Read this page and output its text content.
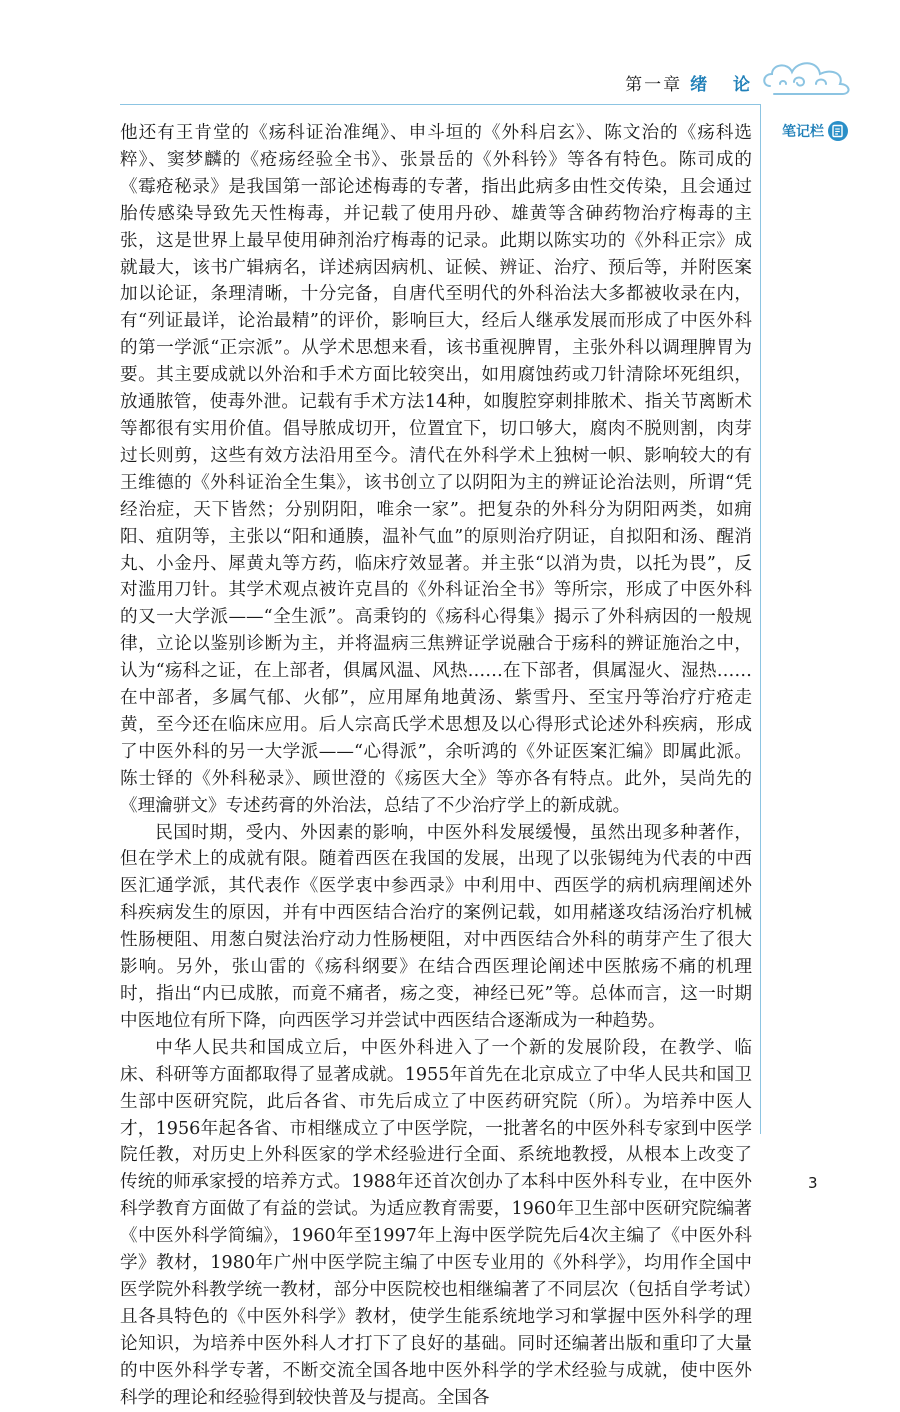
第一章 绪 论
笔记栏

他还有王肯堂的《疡科证治准绳》、申斗垣的《外科启玄》、陈文治的《疡科选粹》、窦梦麟的《疮疡经验全书》、张景岳的《外科钤》等各有特色。陈司成的《霉疮秘录》是我国第一部论述梅毒的专著，指出此病多由性交传染，且会通过胎传感染导致先天性梅毒，并记载了使用丹砂、雄黄等含砷药物治疗梅毒的主张，这是世界上最早使用砷剂治疗梅毒的记录。此期以陈实功的《外科正宗》成就最大，该书广辑病名，详述病因病机、证候、辨证、治疗、预后等，并附医案加以论证，条理清晰，十分完备，自唐代至明代的外科治法大多都被收录在内，有“列证最详，论治最精”的评价，影响巨大，经后人继承发展而形成了中医外科的第一学派“正宗派”。从学术思想来看，该书重视脾胃，主张外科以调理脾胃为要。其主要成就以外治和手术方面比较突出，如用腐蚀药或刀针清除坏死组织，放通脓管，使毒外泄。记载有手术方法14种，如腹腔穿刺排脓术、指关节离断术等都很有实用价值。倡导脓成切开，位置宜下，切口够大，腐肉不脱则割，肉芽过长则剪，这些有效方法沿用至今。清代在外科学术上独树一帜、影响较大的有王维德的《外科证治全生集》，该书创立了以阴阳为主的辨证论治法则，所谓“凭经治症，天下皆然；分别阴阳，唯余一家”。把复杂的外科分为阴阳两类，如痈阳、疽阴等，主张以“阳和通腠，温补气血”的原则治疗阴证，自拟阳和汤、醒消丸、小金丹、犀黄丸等方药，临床疗效显著。并主张“以消为贵，以托为畏”，反对滥用刀针。其学术观点被许克昌的《外科证治全书》等所宗，形成了中医外科的又一大学派——“全生派”。高秉钧的《疡科心得集》揭示了外科病因的一般规律，立论以鉴别诊断为主，并将温病三焦辨证学说融合于疡科的辨证施治之中，认为“疡科之证，在上部者，俱属风温、风热……在下部者，俱属湿火、湿热……在中部者，多属气郁、火郁”，应用犀角地黄汤、紫雪丹、至宝丹等治疗疔疮走黄，至今还在临床应用。后人宗高氏学术思想及以心得形式论述外科疾病，形成了中医外科的另一大学派——“心得派”，余听鸿的《外证医案汇编》即属此派。陈士铎的《外科秘录》、顾世澄的《疡医大全》等亦各有特点。此外，吴尚先的《理瀹骈文》专述药膏的外治法，总结了不少治疗学上的新成就。

民国时期，受内、外因素的影响，中医外科发展缓慢，虽然出现多种著作，但在学术上的成就有限。随着西医在我国的发展，出现了以张锡纯为代表的中西医汇通学派，其代表作《医学衷中参西录》中利用中、西医学的病机病理阐述外科疾病发生的原因，并有中西医结合治疗的案例记载，如用赭遂攻结汤治疗机械性肠梗阻、用葱白熨法治疗动力性肠梗阻，对中西医结合外科的萌芽产生了很大影响。另外，张山雷的《疡科纲要》在结合西医理论阐述中医脓疡不痛的机理时，指出“内已成脓，而竟不痛者，疡之变，神经已死”等。总体而言，这一时期中医地位有所下降，向西医学习并尝试中西医结合逐渐成为一种趋势。

中华人民共和国成立后，中医外科进入了一个新的发展阶段，在教学、临床、科研等方面都取得了显著成就。1955年首先在北京成立了中华人民共和国卫生部中医研究院，此后各省、市先后成立了中医药研究院（所）。为培养中医人才，1956年起各省、市相继成立了中医学院，一批著名的中医外科专家到中医学院任教，对历史上外科医家的学术经验进行全面、系统地教授，从根本上改变了传统的师承家授的培养方式。1988年还首次创办了本科中医外科专业，在中医外科学教育方面做了有益的尝试。为适应教育需要，1960年卫生部中医研究院编著《中医外科学简编》，1960年至1997年上海中医学院先后4次主编了《中医外科学》教材，1980年广州中医学院主编了中医专业用的《外科学》，均用作全国中医学院外科教学统一教材，部分中医院校也相继编著了不同层次（包括自学考试）且各具特色的《中医外科学》教材，使学生能系统地学习和掌握中医外科学的理论知识，为培养中医外科人才打下了良好的基础。同时还编著出版和重印了大量的中医外科学专著，不断交流全国各地中医外科学的学术经验与成就，使中医外科学的理论和经验得到较快普及与提高。全国各

3
